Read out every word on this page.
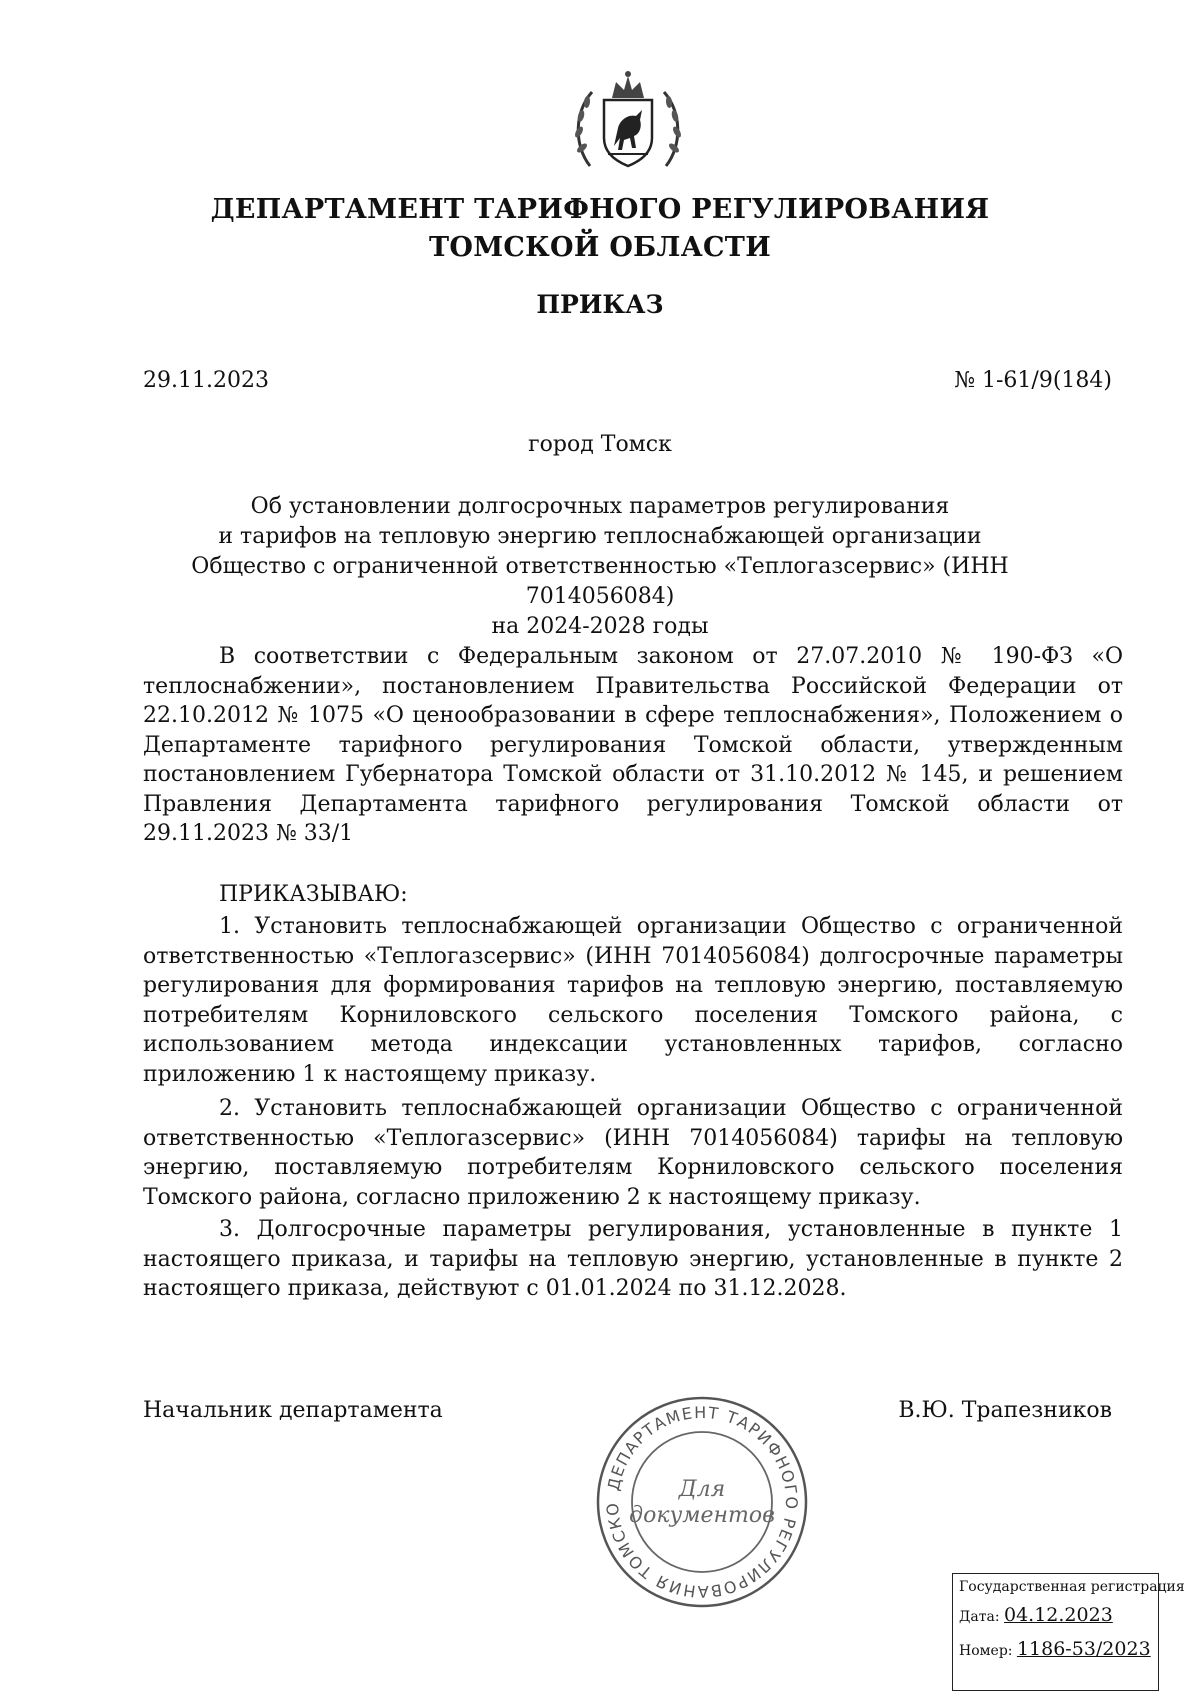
ДЕПАРТАМЕНТ ТАРИФНОГО РЕГУЛИРОВАНИЯ
ТОМСКОЙ ОБЛАСТИ
ПРИКАЗ
29.11.2023	№ 1-61/9(184)
город Томск
Об установлении долгосрочных параметров регулирования
и тарифов на тепловую энергию теплоснабжающей организации
Общество с ограниченной ответственностью «Теплогазсервис» (ИНН 7014056084)
на 2024-2028 годы
В соответствии с Федеральным законом от 27.07.2010 № 190-ФЗ «О теплоснабжении», постановлением Правительства Российской Федерации от 22.10.2012 № 1075 «О ценообразовании в сфере теплоснабжения», Положением о Департаменте тарифного регулирования Томской области, утвержденным постановлением Губернатора Томской области от 31.10.2012 № 145, и решением Правления Департамента тарифного регулирования Томской области от 29.11.2023 № 33/1
ПРИКАЗЫВАЮ:
1. Установить теплоснабжающей организации Общество с ограниченной ответственностью «Теплогазсервис» (ИНН 7014056084) долгосрочные параметры регулирования для формирования тарифов на тепловую энергию, поставляемую потребителям Корниловского сельского поселения Томского района, с использованием метода индексации установленных тарифов, согласно приложению 1 к настоящему приказу.
2. Установить теплоснабжающей организации Общество с ограниченной ответственностью «Теплогазсервис» (ИНН 7014056084) тарифы на тепловую энергию, поставляемую потребителям Корниловского сельского поселения Томского района, согласно приложению 2 к настоящему приказу.
3. Долгосрочные параметры регулирования, установленные в пункте 1 настоящего приказа, и тарифы на тепловую энергию, установленные в пункте 2 настоящего приказа, действуют с 01.01.2024 по 31.12.2028.
Начальник департамента	В.Ю. Трапезников
ДЕПАРТАМЕНТ ТАРИФНОГО РЕГУЛИРОВАНИЯ ТОМСКО
Для
документов
Государственная регистрация
Дата: 04.12.2023
Номер: 1186-53/2023
